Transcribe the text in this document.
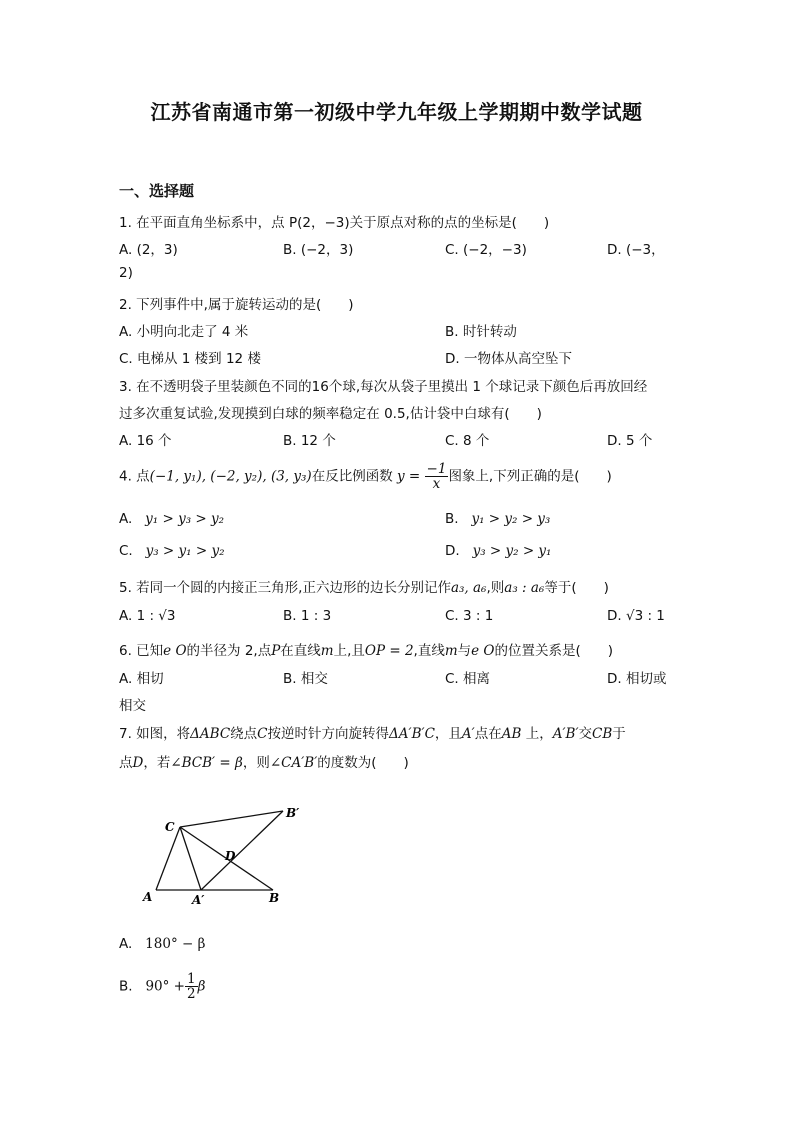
江苏省南通市第一初级中学九年级上学期期中数学试题
一、选择题
1. 在平面直角坐标系中，点 P(2，−3)关于原点对称的点的坐标是(　　)
A. (2，3)	B. (−2，3)	C. (−2，−3)	D. (−3，
2)
2. 下列事件中,属于旋转运动的是(　　)
A. 小明向北走了 4 米	B. 时针转动
C. 电梯从 1 楼到 12 楼	D. 一物体从高空坠下
3. 在不透明袋子里装颜色不同的16个球,每次从袋子里摸出 1 个球记录下颜色后再放回经
过多次重复试验,发现摸到白球的频率稳定在 0.5,估计袋中白球有(　　)
A. 16 个	B. 12 个	C. 8 个	D. 5 个
4. 点(−1, y₁), (−2, y₂), (3, y₃)在反比例函数 $y = \frac{-1}{x}$ 图象上,下列正确的是(　　)
A. y₁ > y₃ > y₂	B. y₁ > y₂ > y₃
C. y₃ > y₁ > y₂	D. y₃ > y₂ > y₁
5. 若同一个圆的内接正三角形,正六边形的边长分别记作a₃, a₆,则a₃ : a₆等于(　　)
A. 1 : √3	B. 1 : 3	C. 3 : 1	D. √3 : 1
6. 已知e O的半径为 2,点P在直线m上,且OP = 2,直线m与e O的位置关系是(　　)
A. 相切	B. 相交	C. 相离	D. 相切或
相交
7. 如图，将ΔABC绕点C按逆时针方向旋转得ΔA′B′C，且A′点在AB 上，A′B′交CB于
点D，若∠BCB′ = β，则∠CA′B′的度数为(　　)
C
B′
D
A	A′	B
A. 180° − β
B. $90^\circ + \frac{1}{2}$ β
